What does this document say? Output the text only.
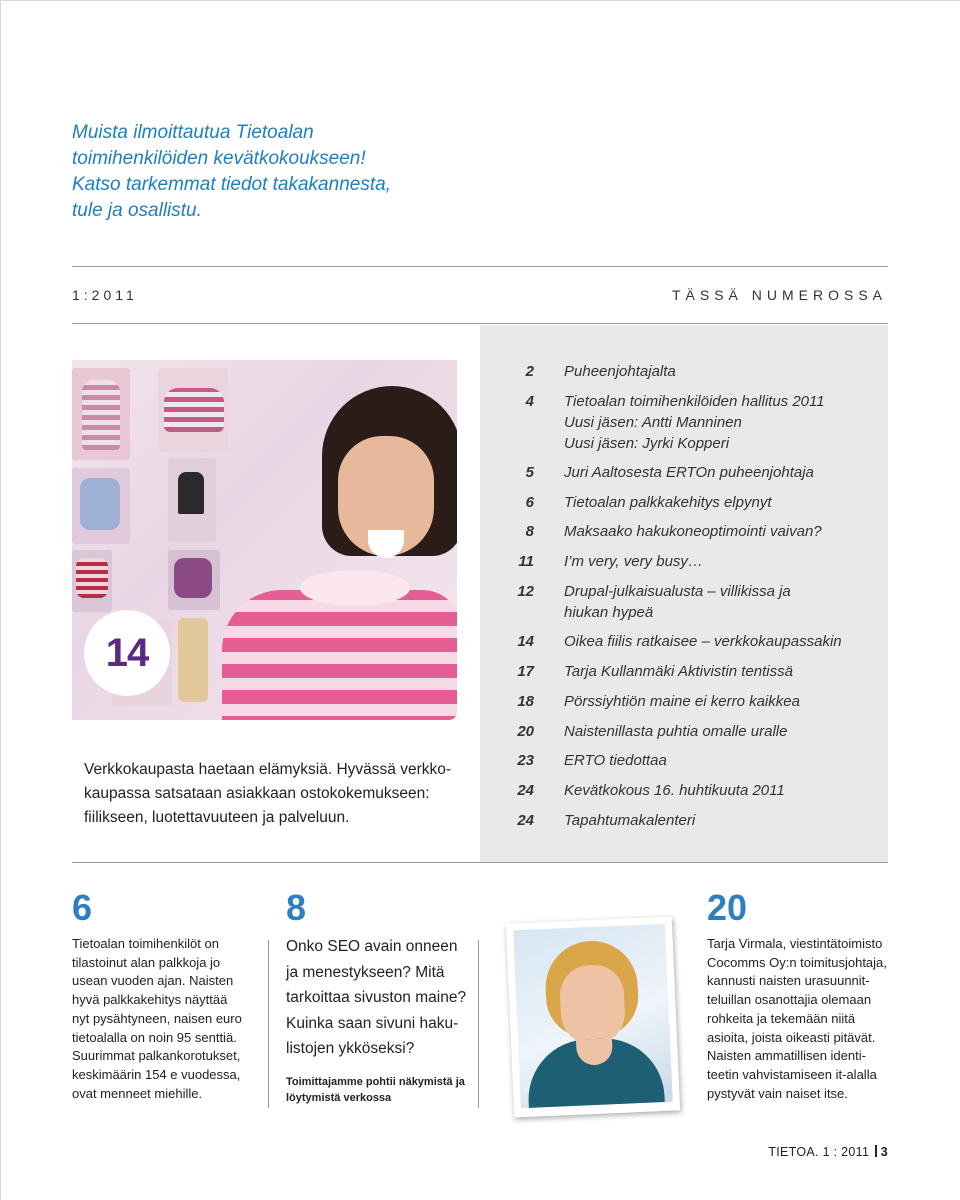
Muista ilmoittautua Tietoalan
toimihenkilöiden kevätkokoukseen!
Katso tarkemmat tiedot takakannesta,
tule ja osallistu.
1:2011	TÄSSÄ NUMEROSSA
14
Verkkokaupasta haetaan elämyksiä. Hyvässä verkko-
kaupassa satsataan asiakkaan ostokokemukseen:
fiilikseen, luotettavuuteen ja palveluun.
2 Puheenjohtajalta
4 Tietoalan toimihenkilöiden hallitus 2011
Uusi jäsen: Antti Manninen
Uusi jäsen: Jyrki Kopperi
5 Juri Aaltosesta ERTOn puheenjohtaja
6 Tietoalan palkkakehitys elpynyt
8 Maksaako hakukoneoptimointi vaivan?
11 I’m very, very busy…
12 Drupal-julkaisualusta – villikissa ja
hiukan hypeä
14 Oikea fiilis ratkaisee – verkkokaupassakin
17 Tarja Kullanmäki Aktivistin tentissä
18 Pörssiyhtiön maine ei kerro kaikkea
20 Naistenillasta puhtia omalle uralle
23 ERTO tiedottaa
24 Kevätkokous 16. huhtikuuta 2011
24 Tapahtumakalenteri
6
Tietoalan toimihenkilöt on
tilastoinut alan palkkoja jo
usean vuoden ajan. Naisten
hyvä palkkakehitys näyttää
nyt pysähtyneen, naisen euro
tietoalalla on noin 95 senttiä.
Suurimmat palkankorotukset,
keskimäärin 154 e vuodessa,
ovat menneet miehille.
8
Onko SEO avain onneen
ja menestykseen? Mitä
tarkoittaa sivuston maine?
Kuinka saan sivuni haku-
listojen ykköseksi?
Toimittajamme pohtii näkymistä ja
löytymistä verkossa
20
Tarja Virmala, viestintätoimisto
Cocomms Oy:n toimitusjohtaja,
kannusti naisten urasuunnit-
teluillan osanottajia olemaan
rohkeita ja tekemään niitä
asioita, joista oikeasti pitävät.
Naisten ammatillisen identi-
teetin vahvistamiseen it-alalla
pystyvät vain naiset itse.
TIETOA. 1 : 2011 3
